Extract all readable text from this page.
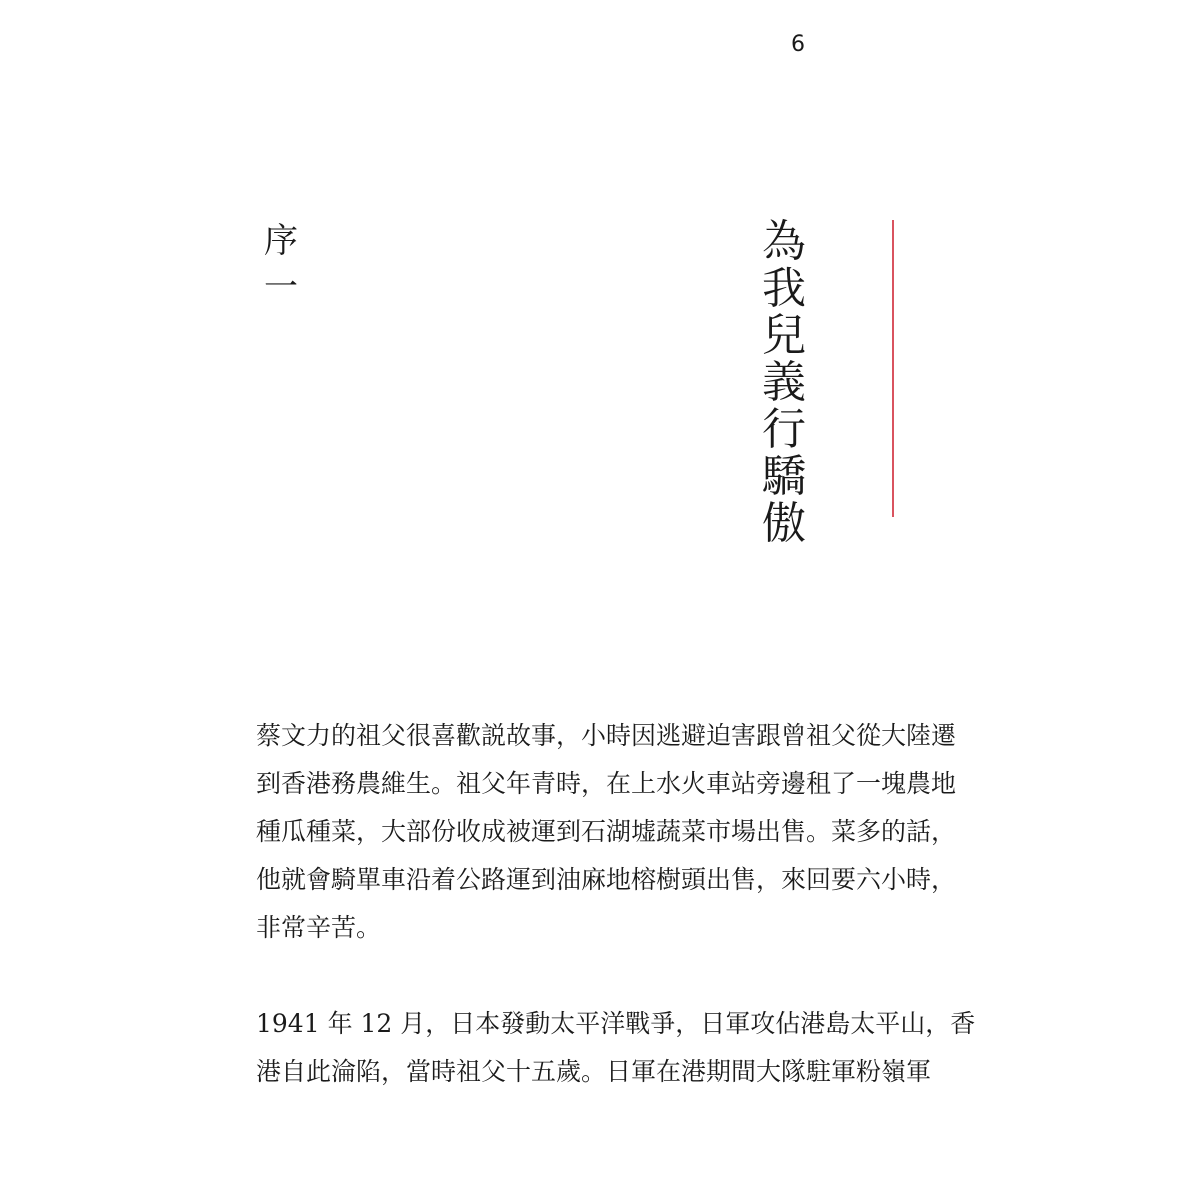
6
序
一
為
我
兒
義
行
驕
傲

蔡文力的祖父很喜歡説故事，小時因逃避迫害跟曾祖父從大陸遷
到香港務農維生。祖父年青時，在上水火車站旁邊租了一塊農地
種瓜種菜，大部份收成被運到石湖墟蔬菜市場出售。菜多的話，
他就會騎單車沿着公路運到油麻地榕樹頭出售，來回要六小時，
非常辛苦。

1941 年 12 月，日本發動太平洋戰爭，日軍攻佔港島太平山，香
港自此淪陷，當時祖父十五歲。日軍在港期間大隊駐軍粉嶺軍
